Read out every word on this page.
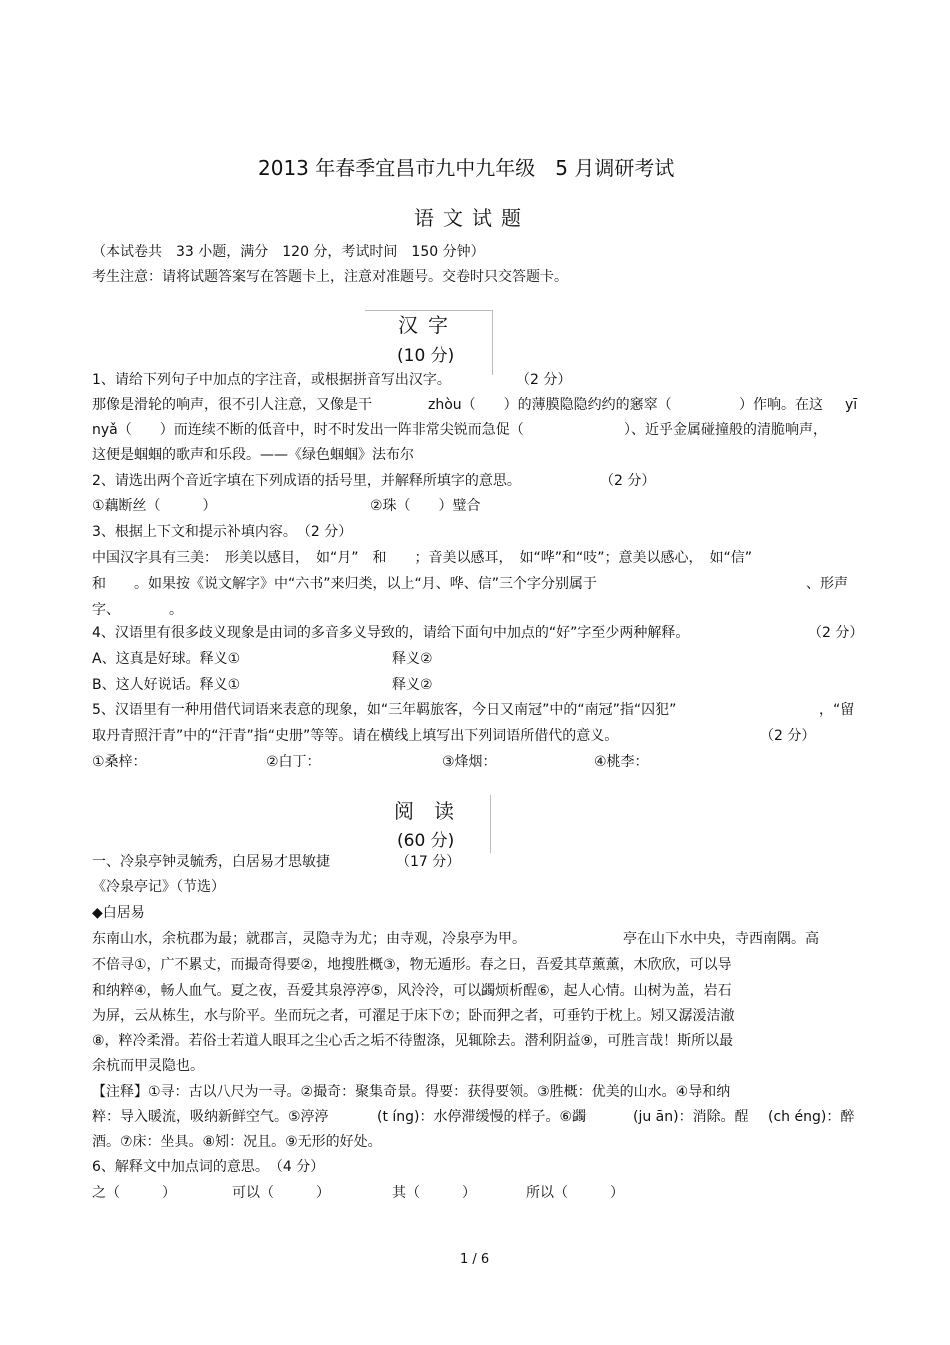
2013 年春季宜昌市九中九年级　5 月调研考试
语文试题
（本试卷共　33 小题，满分　120 分，考试时间　150 分钟）
考生注意：请将试题答案写在答题卡上，注意对准题号。交卷时只交答题卡。
汉字
(10 分)
1、请给下列句子中加点的字注音，或根据拼音写出汉字。	（2 分）
那像是滑轮的响声，很不引人注意，又像是干	zhòu（　　）的薄膜隐隐约约的窸窣（	）作响。在这 yī
nyǎ（　　）而连续不断的低音中，时不时发出一阵非常尖锐而急促（	）、近乎金属碰撞般的清脆响声，
这便是蝈蝈的歌声和乐段。——《绿色蝈蝈》法布尔
2、请选出两个音近字填在下列成语的括号里，并解释所填字的意思。	（2 分）
①藕断丝（　　　）	②珠（　　）璧合
3、根据上下文和提示补填内容。　（2 分）
中国汉字具有三美：　形美以感目，　如“月”　和　　；音美以感耳，　如“哗”和“吱”；意美以感心，　如“信”
和　　。如果按《说文解字》中“六书”来归类，以上“月、哗、信”三个字分别属于	、形声
字、　　　　。
4、汉语里有很多歧义现象是由词的多音多义导致的，请给下面句中加点的“好”字至少两种解释。	（2 分）
A、这真是好球。释义①	释义②
B、这人好说话。释义①	释义②
5、汉语里有一种用借代词语来表意的现象，如“三年羁旅客，今日又南冠”中的“南冠”指“囚犯”	，“留
取丹青照汗青”中的“汗青”指“史册”等等。请在横线上填写出下列词语所借代的意义。	（2 分）
①桑梓：	②白丁：	③烽烟：	④桃李：
阅读
(60 分)
一、冷泉亭钟灵毓秀，白居易才思敏捷	（17 分）
《冷泉亭记》（节选）
◆白居易
东南山水，余杭郡为最；就郡言，灵隐寺为尤；由寺观，冷泉亭为甲。	亭在山下水中央，寺西南隅。高
不倍寻①，广不累丈，而撮奇得要②，地搜胜概③，物无遁形。春之日，吾爱其草薰薰，木欣欣，可以导
和纳粹④，畅人血气。夏之夜，吾爱其泉渟渟⑤，风泠泠，可以蠲烦析酲⑥，起人心情。山树为盖，岩石
为屏，云从栋生，水与阶平。坐而玩之者，可濯足于床下⑦；卧而狎之者，可垂钓于枕上。矧又潺湲洁澈
⑧，粹冷柔滑。若俗士若道人眼耳之尘心舌之垢不待盥涤，见辄除去。潜利阴益⑨，可胜言哉！斯所以最
余杭而甲灵隐也。
【注释】①寻：古以八尺为一寻。②撮奇：聚集奇景。得要：获得要领。③胜概：优美的山水。④导和纳
粹：导入暖流，吸纳新鲜空气。⑤渟渟	(t íng)：水停滞缓慢的样子。⑥蠲	(ju ān)：消除。酲 (ch éng)：醉
酒。⑦床：坐具。⑧矧：况且。⑨无形的好处。
6、解释文中加点词的意思。　（4 分）
之（　　　）	可以（　　　）	其（　　　）	所以（　　　）
1 / 6
